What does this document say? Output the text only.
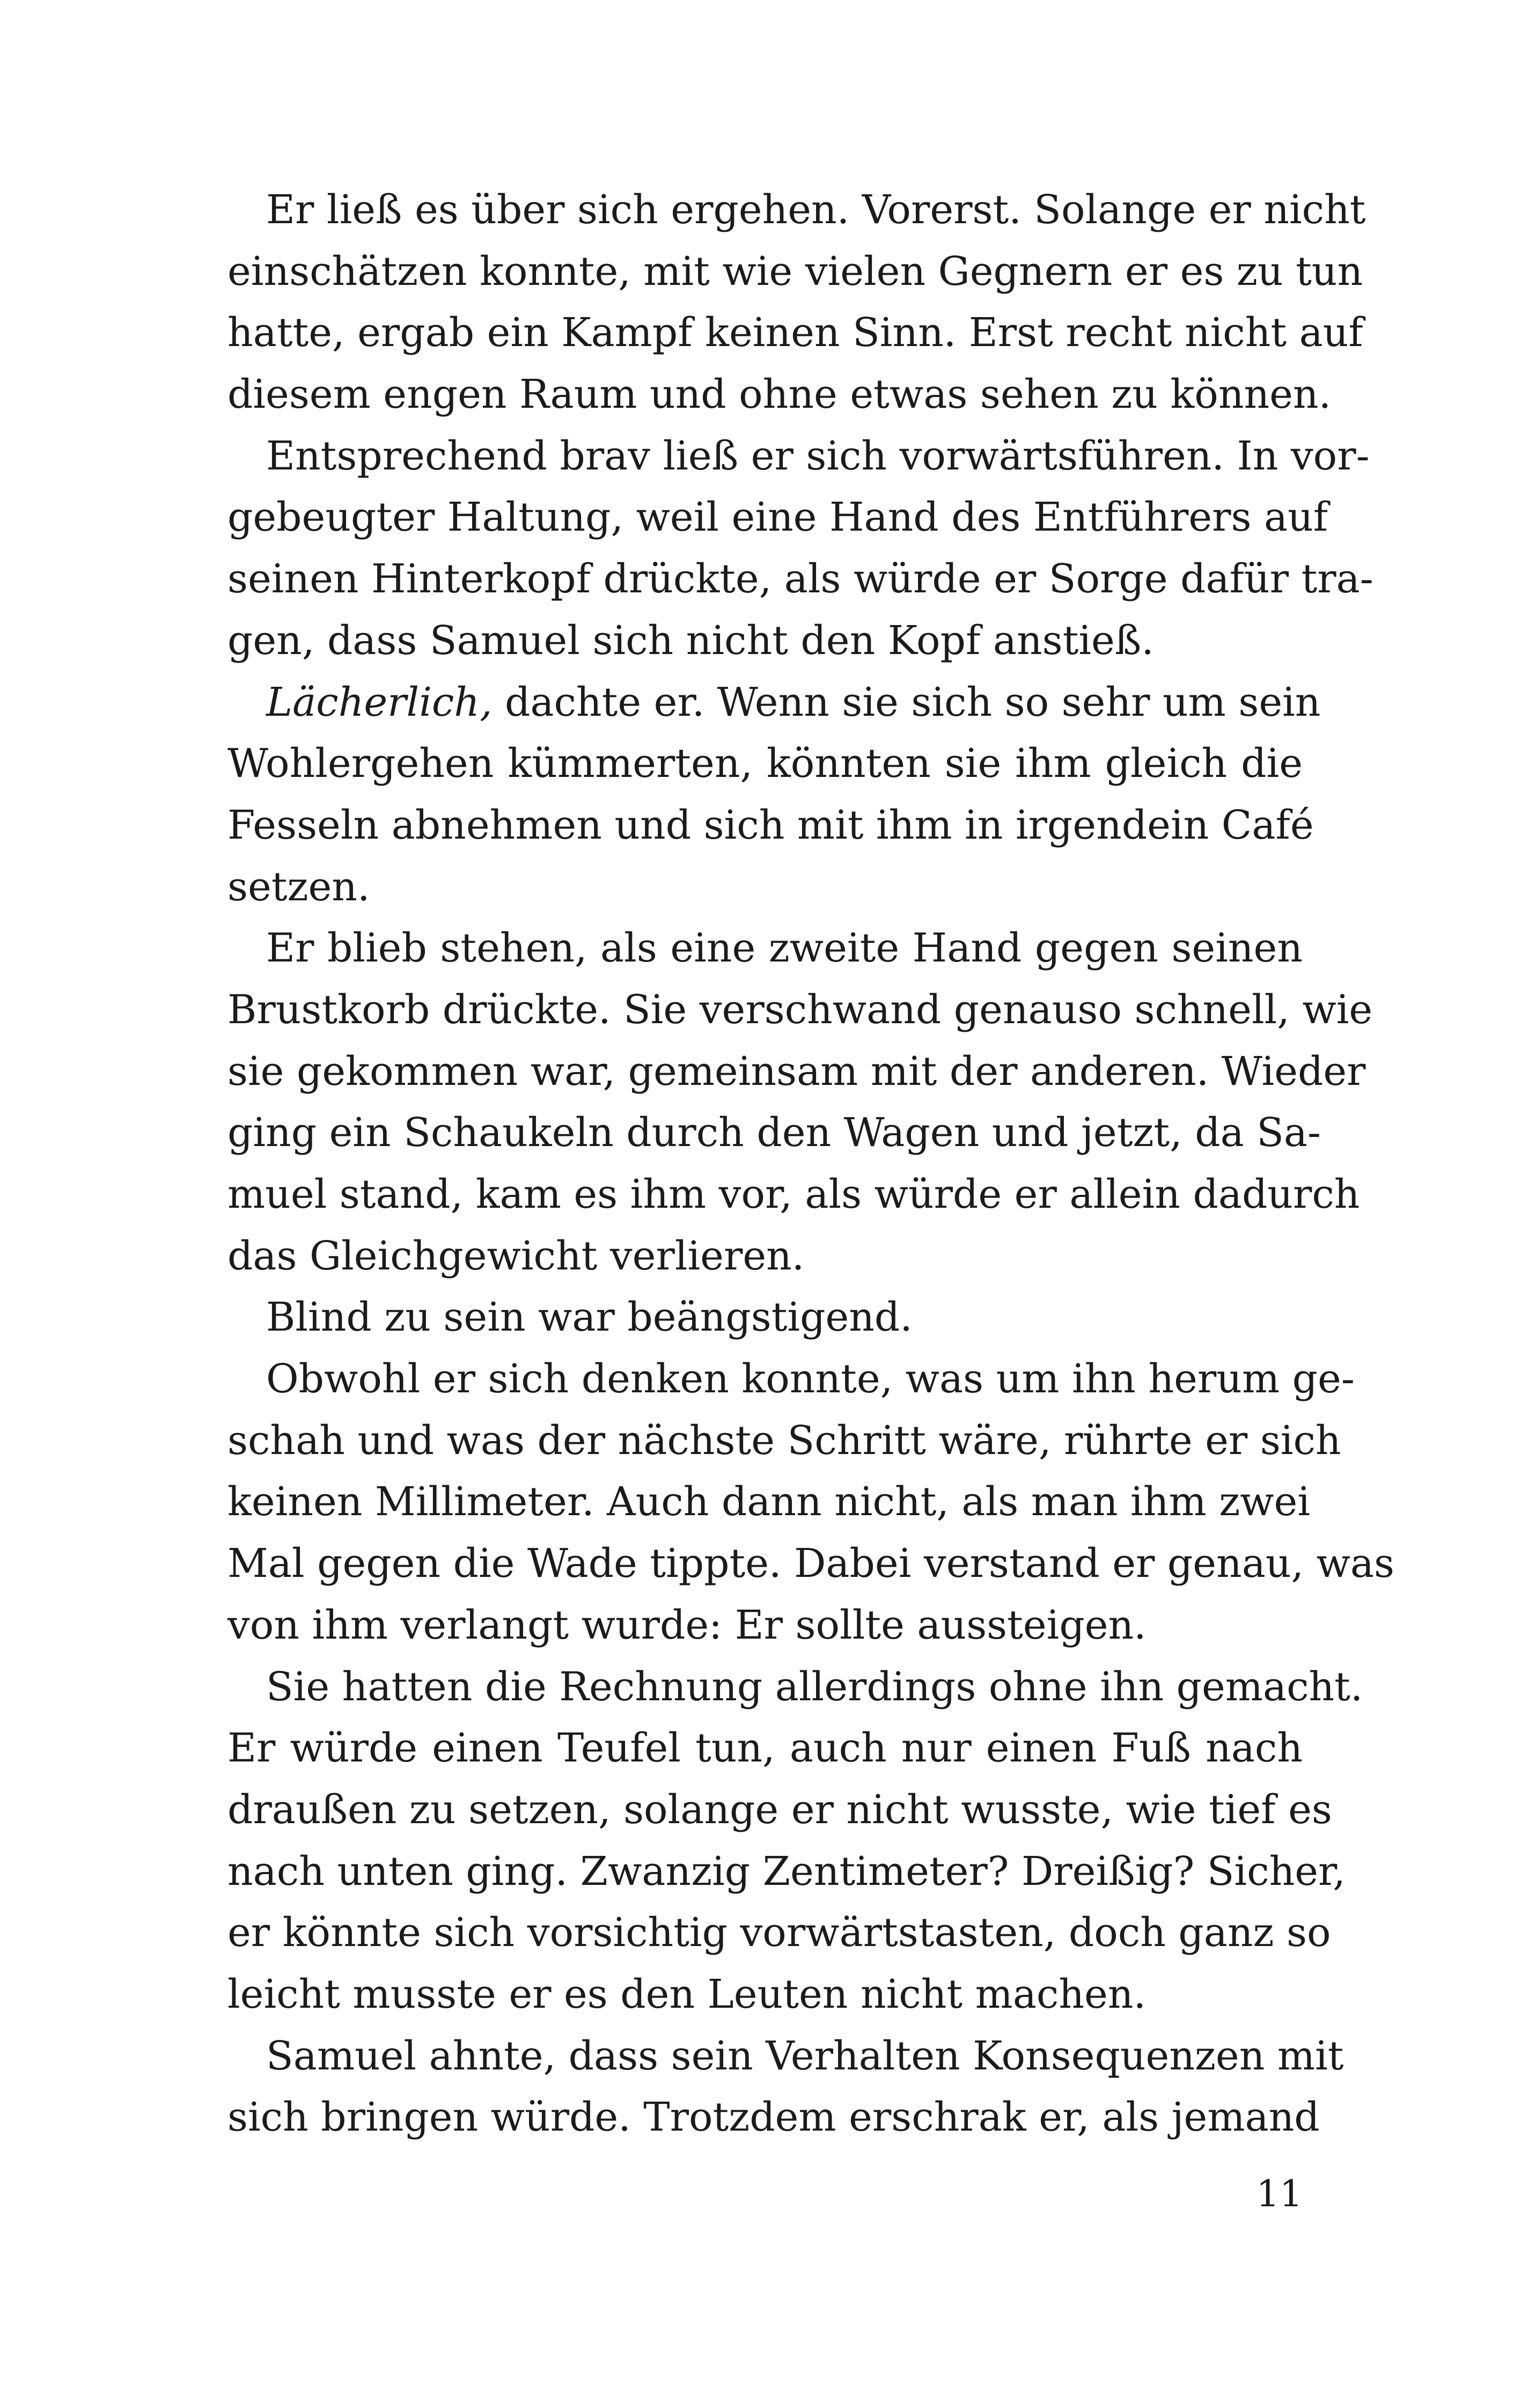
Er ließ es über sich ergehen. Vorerst. Solange er nicht
einschätzen konnte, mit wie vielen Gegnern er es zu tun
hatte, ergab ein Kampf keinen Sinn. Erst recht nicht auf
diesem engen Raum und ohne etwas sehen zu können.
Entsprechend brav ließ er sich vorwärtsführen. In vor-
gebeugter Haltung, weil eine Hand des Entführers auf
seinen Hinterkopf drückte, als würde er Sorge dafür tra-
gen, dass Samuel sich nicht den Kopf anstieß.
Lächerlich, dachte er. Wenn sie sich so sehr um sein
Wohlergehen kümmerten, könnten sie ihm gleich die
Fesseln abnehmen und sich mit ihm in irgendein Café
setzen.
Er blieb stehen, als eine zweite Hand gegen seinen
Brustkorb drückte. Sie verschwand genauso schnell, wie
sie gekommen war, gemeinsam mit der anderen. Wieder
ging ein Schaukeln durch den Wagen und jetzt, da Sa-
muel stand, kam es ihm vor, als würde er allein dadurch
das Gleichgewicht verlieren.
Blind zu sein war beängstigend.
Obwohl er sich denken konnte, was um ihn herum ge-
schah und was der nächste Schritt wäre, rührte er sich
keinen Millimeter. Auch dann nicht, als man ihm zwei
Mal gegen die Wade tippte. Dabei verstand er genau, was
von ihm verlangt wurde: Er sollte aussteigen.
Sie hatten die Rechnung allerdings ohne ihn gemacht.
Er würde einen Teufel tun, auch nur einen Fuß nach
draußen zu setzen, solange er nicht wusste, wie tief es
nach unten ging. Zwanzig Zentimeter? Dreißig? Sicher,
er könnte sich vorsichtig vorwärtstasten, doch ganz so
leicht musste er es den Leuten nicht machen.
Samuel ahnte, dass sein Verhalten Konsequenzen mit
sich bringen würde. Trotzdem erschrak er, als jemand
11
